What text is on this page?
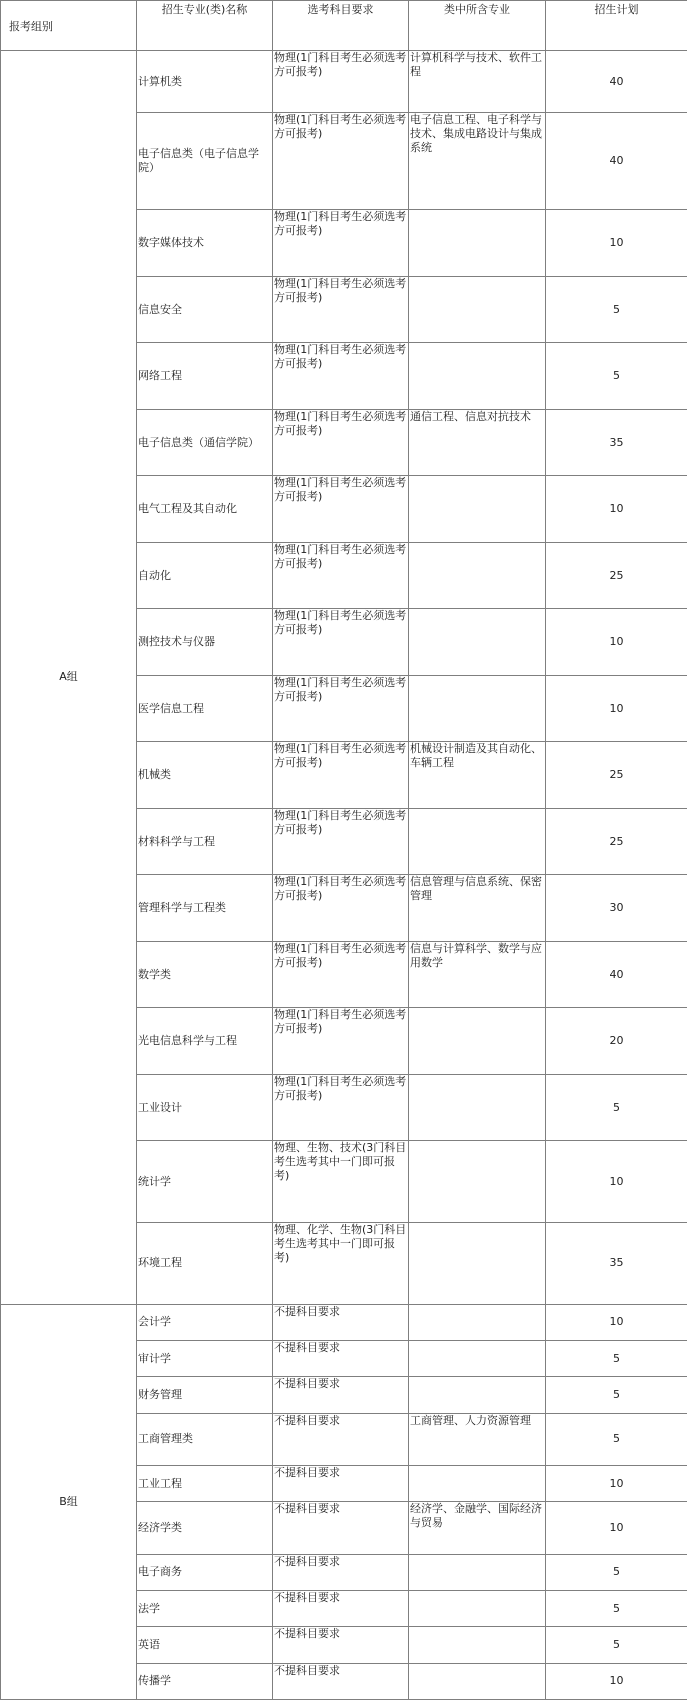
报考组别	招生专业(类)名称	选考科目要求	类中所含专业	招生计划
A组	计算机类	物理(1门科目考生必须选考方可报考)	计算机科学与技术、软件工程	40
	电子信息类（电子信息学院）	物理(1门科目考生必须选考方可报考)	电子信息工程、电子科学与技术、集成电路设计与集成系统	40
	数字媒体技术	物理(1门科目考生必须选考方可报考)		10
	信息安全	物理(1门科目考生必须选考方可报考)		5
	网络工程	物理(1门科目考生必须选考方可报考)		5
	电子信息类（通信学院）	物理(1门科目考生必须选考方可报考)	通信工程、信息对抗技术	35
	电气工程及其自动化	物理(1门科目考生必须选考方可报考)		10
	自动化	物理(1门科目考生必须选考方可报考)		25
	测控技术与仪器	物理(1门科目考生必须选考方可报考)		10
	医学信息工程	物理(1门科目考生必须选考方可报考)		10
	机械类	物理(1门科目考生必须选考方可报考)	机械设计制造及其自动化、车辆工程	25
	材料科学与工程	物理(1门科目考生必须选考方可报考)		25
	管理科学与工程类	物理(1门科目考生必须选考方可报考)	信息管理与信息系统、保密管理	30
	数学类	物理(1门科目考生必须选考方可报考)	信息与计算科学、数学与应用数学	40
	光电信息科学与工程	物理(1门科目考生必须选考方可报考)		20
	工业设计	物理(1门科目考生必须选考方可报考)		5
	统计学	物理、生物、技术(3门科目考生选考其中一门即可报考)		10
	环境工程	物理、化学、生物(3门科目考生选考其中一门即可报考)		35
B组	会计学	不提科目要求		10
	审计学	不提科目要求		5
	财务管理	不提科目要求		5
	工商管理类	不提科目要求	工商管理、人力资源管理	5
	工业工程	不提科目要求		10
	经济学类	不提科目要求	经济学、金融学、国际经济与贸易	10
	电子商务	不提科目要求		5
	法学	不提科目要求		5
	英语	不提科目要求		5
	传播学	不提科目要求		10
